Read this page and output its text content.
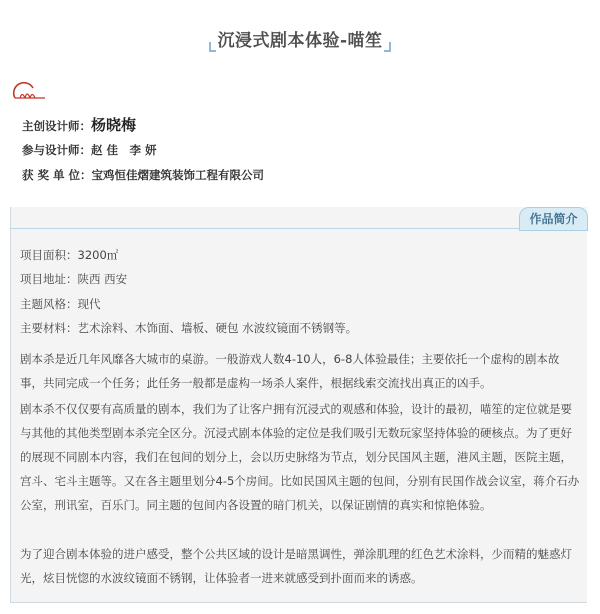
沉浸式剧本体验-喵笙
主创设计师：杨晓梅
参与设计师：赵 佳　李 妍
获 奖 单 位：宝鸡恒佳熠建筑装饰工程有限公司
作品简介
项目面积：3200㎡
项目地址：陕西 西安
主题风格：现代
主要材料：艺术涂料、木饰面、墙板、硬包 水波纹镜面不锈钢等。

剧本杀是近几年风靡各大城市的桌游。一般游戏人数4-10人，6-8人体验最佳；主要依托一个虚构的剧本故事，共同完成一个任务；此任务一般都是虚构一场杀人案件，根据线索交流找出真正的凶手。

剧本杀不仅仅要有高质量的剧本，我们为了让客户拥有沉浸式的观感和体验，设计的最初，喵笙的定位就是要与其他的其他类型剧本杀完全区分。沉浸式剧本体验的定位是我们吸引无数玩家坚持体验的硬核点。为了更好的展现不同剧本内容，我们在包间的划分上，会以历史脉络为节点，划分民国风主题，港风主题，医院主题，宫斗、宅斗主题等。又在各主题里划分4-5个房间。比如民国风主题的包间，分别有民国作战会议室，蒋介石办公室，刑讯室，百乐门。同主题的包间内各设置的暗门机关，以保证剧情的真实和惊艳体验。

为了迎合剧本体验的进户感受，整个公共区域的设计是暗黑调性，弹涂肌理的红色艺术涂料，少而精的魅惑灯光，炫目恍惚的水波纹镜面不锈钢，让体验者一进来就感受到扑面而来的诱惑。
